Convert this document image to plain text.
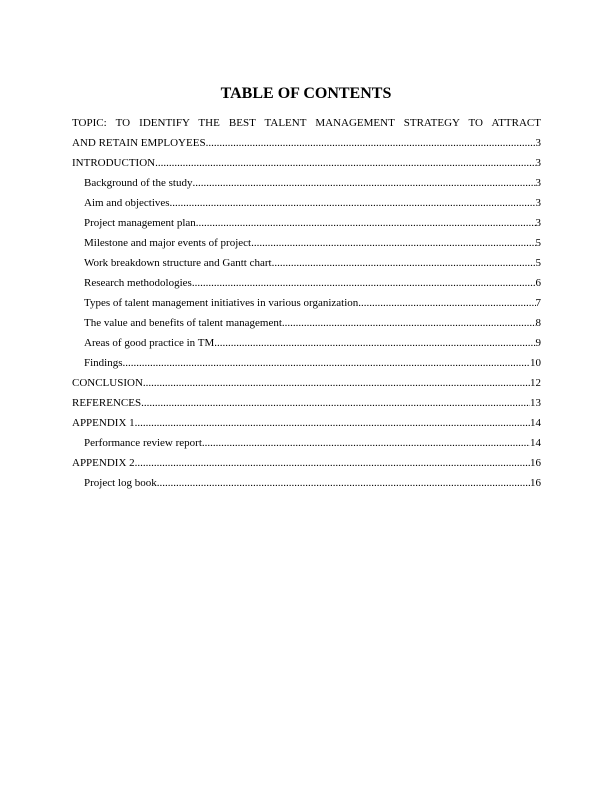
TABLE OF CONTENTS
TOPIC: TO IDENTIFY THE BEST TALENT MANAGEMENT STRATEGY TO ATTRACT
AND RETAIN EMPLOYEES .....	3
INTRODUCTION .....	3
Background of the study .....	3
Aim and objectives .....	3
Project management plan .....	3
Milestone and major events of project .....	5
Work breakdown structure and Gantt chart .....	5
Research methodologies .....	6
Types of talent management initiatives in various organization .....	7
The value and benefits of talent management .....	8
Areas of good practice in TM .....	9
Findings .....	10
CONCLUSION .....	12
REFERENCES .....	13
APPENDIX 1 .....	14
Performance review report .....	14
APPENDIX 2 .....	16
Project log book .....	16
